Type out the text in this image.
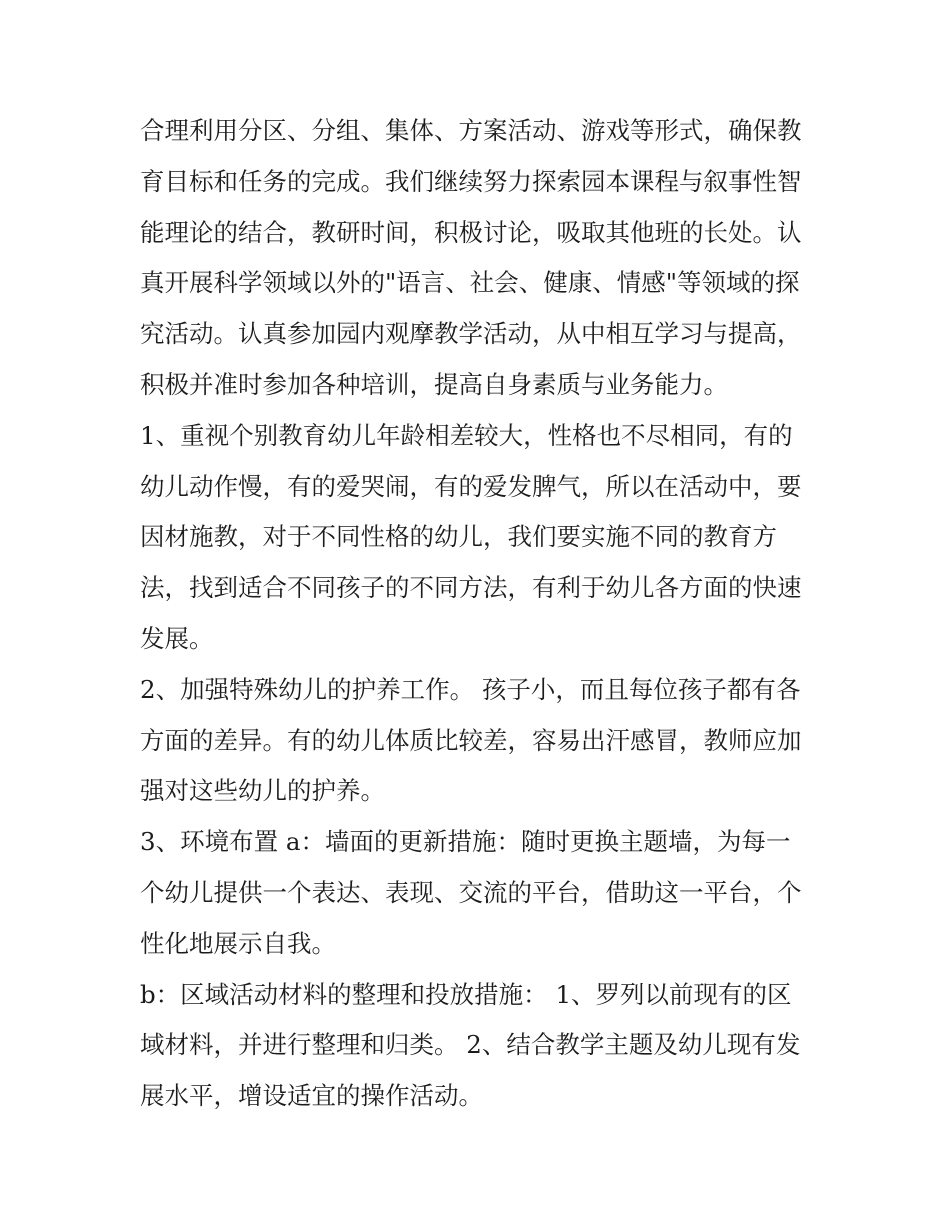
合理利用分区、分组、集体、方案活动、游戏等形式，确保教
育目标和任务的完成。我们继续努力探索园本课程与叙事性智
能理论的结合，教研时间，积极讨论，吸取其他班的长处。认
真开展科学领域以外的"语言、社会、健康、情感"等领域的探
究活动。认真参加园内观摩教学活动，从中相互学习与提高，
积极并准时参加各种培训，提高自身素质与业务能力。
1、重视个别教育幼儿年龄相差较大，性格也不尽相同，有的
幼儿动作慢，有的爱哭闹，有的爱发脾气，所以在活动中，要
因材施教，对于不同性格的幼儿，我们要实施不同的教育方
法，找到适合不同孩子的不同方法，有利于幼儿各方面的快速
发展。
2、加强特殊幼儿的护养工作。 孩子小，而且每位孩子都有各
方面的差异。有的幼儿体质比较差，容易出汗感冒，教师应加
强对这些幼儿的护养。
3、环境布置 a：墙面的更新措施：随时更换主题墙，为每一
个幼儿提供一个表达、表现、交流的平台，借助这一平台，个
性化地展示自我。
b：区域活动材料的整理和投放措施： 1、罗列以前现有的区
域材料，并进行整理和归类。 2、结合教学主题及幼儿现有发
展水平，增设适宜的操作活动。
